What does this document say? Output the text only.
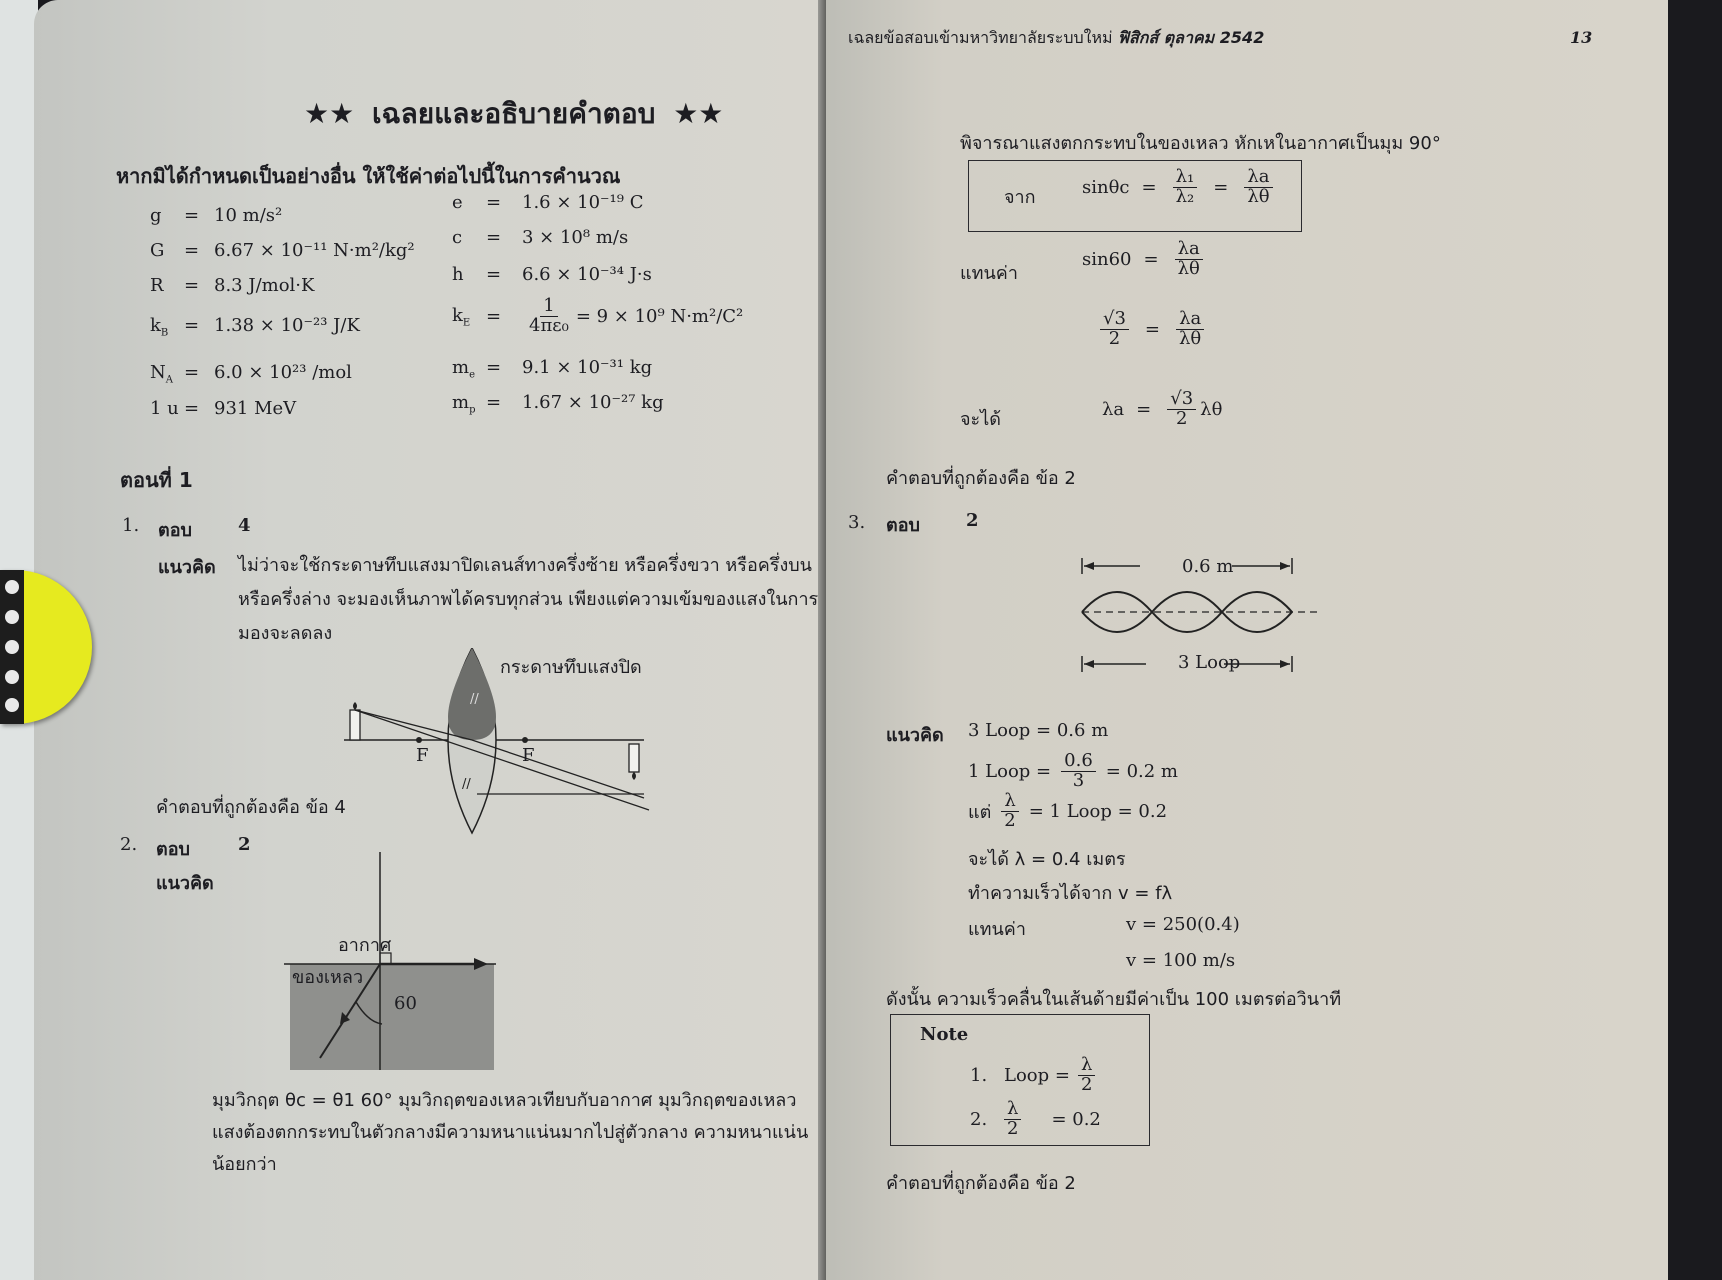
★★ เฉลยและอธิบายคำตอบ ★★
หากมิได้กำหนดเป็นอย่างอื่น ให้ใช้ค่าต่อไปนี้ในการคำนวณ
g = 10 m/s²
G = 6.67 × 10⁻¹¹ N·m²/kg²
R = 8.3 J/mol·K
$k_B = 1.38 \times 10^{-23}$ J/K
$N_A = 6.0 \times 10^{23}$ /mol
1 u = 931 MeV
e = 1.6 × 10⁻¹⁹ C
c = 3 × 10⁸ m/s
h = 6.6 × 10⁻³⁴ J·s
$k_E$ =	$\frac{1}{\text{4πε₀}} = 9 \times 10^9$ N·m²/C²
$m_e = 9.1 \times 10^{-31}$ kg
$m_p = 1.67 \times 10^{-27}$ kg
ตอนที่ 1
1. ตอบ	4
แนวคิด ไม่ว่าจะใช้กระดาษทึบแสงมาปิดเลนส์ทางครึ่งซ้าย หรือครึ่งขวา หรือครึ่งบน
หรือครึ่งล่าง จะมองเห็นภาพได้ครบทุกส่วน เพียงแต่ความเข้มของแสงในการ
มองจะลดลง
กระดาษทึบแสงปิด
//
//
F	F
คำตอบที่ถูกต้องคือ ข้อ 4
2. ตอบ	2
แนวคิด
อากาศ
ของเหลว
60
มุมวิกฤต θc = θ1 60° มุมวิกฤตของเหลวเทียบกับอากาศ มุมวิกฤตของเหลว
แสงต้องตกกระทบในตัวกลางมีความหนาแน่นมากไปสู่ตัวกลาง ความหนาแน่น
น้อยกว่า
เฉลยข้อสอบเข้ามหาวิทยาลัยระบบใหม่ ฟิสิกส์ ตุลาคม 2542	13
พิจารณาแสงตกกระทบในของเหลว หักเหในอากาศเป็นมุม 90°
จาก	$\sin\theta c = \frac{\text{λ₁}}{\text{λ₂}} = \frac{\lambda a}{\lambda\theta}$
แทนค่า
$\sin 60 = \frac{\lambda a}{\lambda\theta}$
$\frac{√3}{2} = \frac{\lambda a}{\lambda\theta}$
จะได้	$\lambda a = \frac{√3}{2}$ λθ
คำตอบที่ถูกต้องคือ ข้อ 2
3. ตอบ	2
0.6 m
3 Loop
แนวคิด 3 Loop = 0.6 m
1 Loop = $\frac{0.6}{3} = 0.2$ m
แต่ $\frac{\lambda}{2} = 1$ Loop = 0.2
จะได้ λ = 0.4 เมตร
ทำความเร็วได้จาก v = fλ
แทนค่า	v = 250(0.4)
v = 100 m/s
ดังนั้น ความเร็วคลื่นในเส้นด้ายมีค่าเป็น 100 เมตรต่อวินาที
Note
1. Loop = $\frac{\lambda}{2}$
2. $\frac{\lambda}{2} = 0.2$
คำตอบที่ถูกต้องคือ ข้อ 2
